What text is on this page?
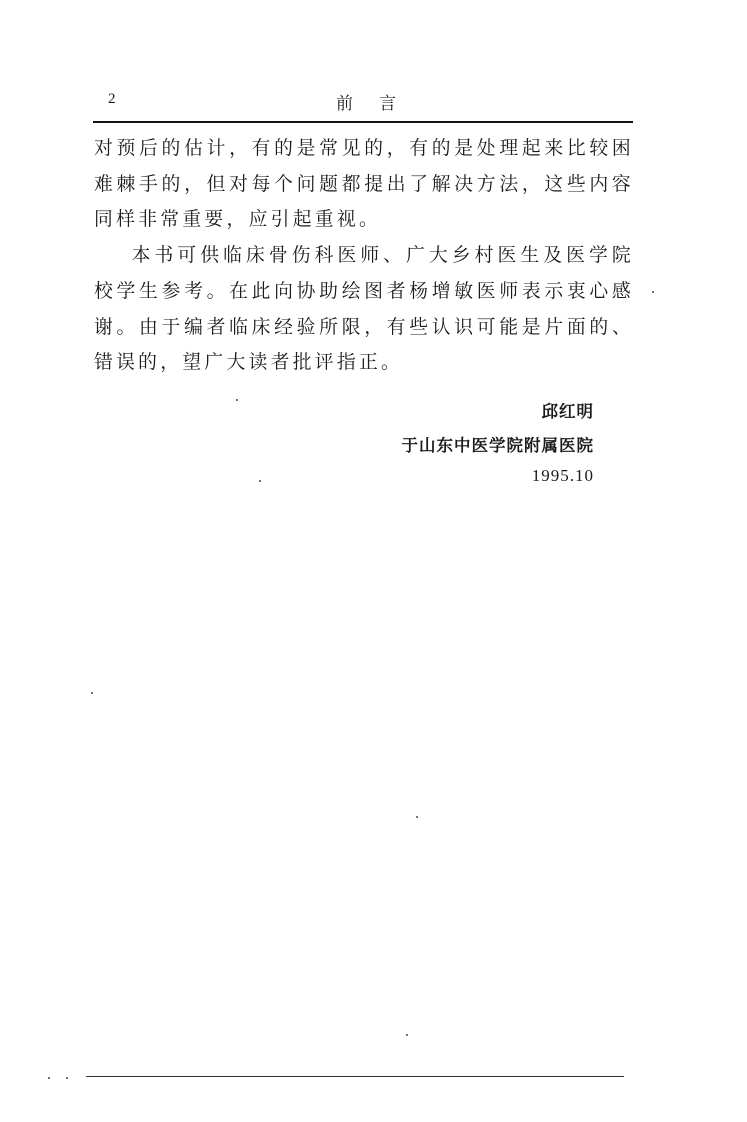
2	前言

对预后的估计，有的是常见的，有的是处理起来比较困难棘手的，但对每个问题都提出了解决方法，这些内容同样非常重要，应引起重视。

本书可供临床骨伤科医师、广大乡村医生及医学院校学生参考。在此向协助绘图者杨增敏医师表示衷心感谢。由于编者临床经验所限，有些认识可能是片面的、错误的，望广大读者批评指正。

邱红明
于山东中医学院附属医院
1995.10
